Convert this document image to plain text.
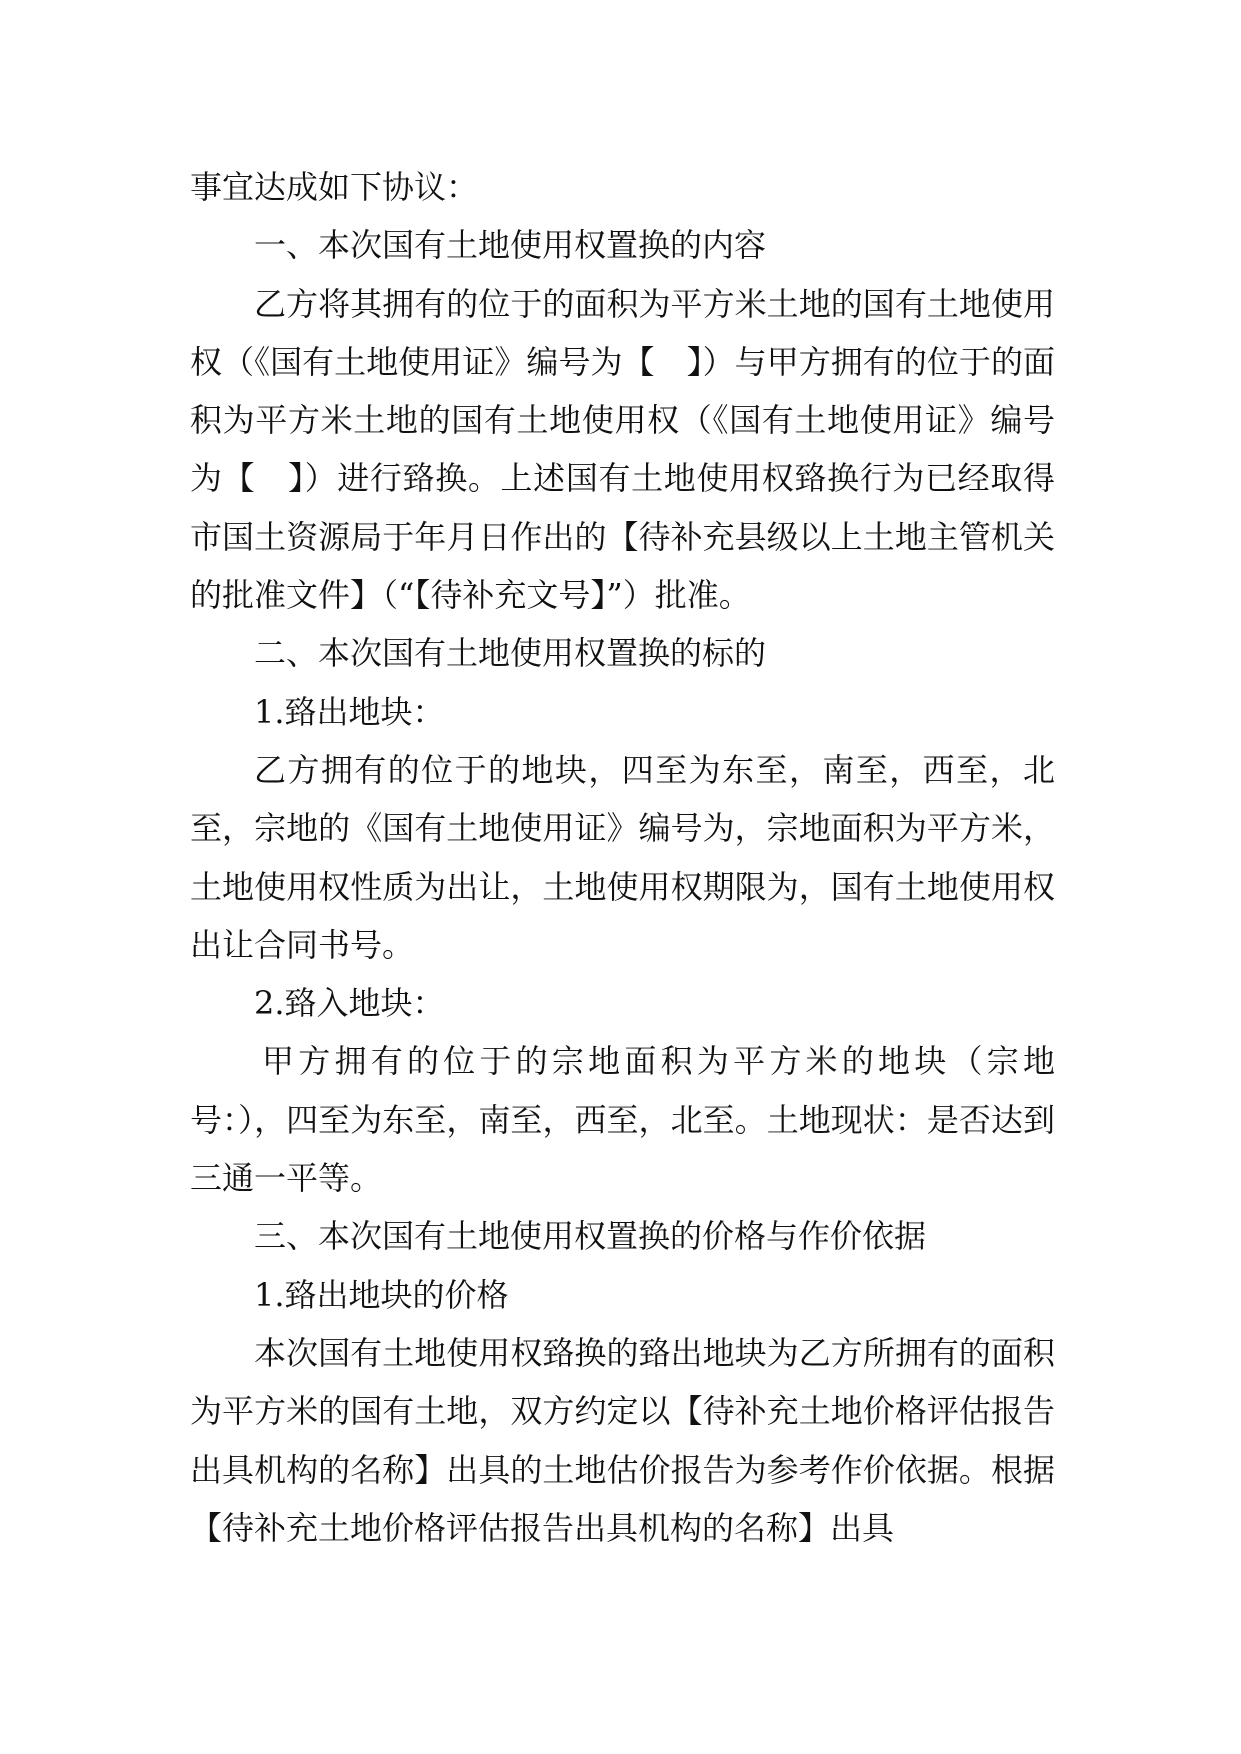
事宜达成如下协议：

一、本次国有土地使用权置换的内容

乙方将其拥有的位于的面积为平方米土地的国有土地使用权（《国有土地使用证》编号为【　】）与甲方拥有的位于的面积为平方米土地的国有土地使用权（《国有土地使用证》编号为【　】）进行臵换。上述国有土地使用权臵换行为已经取得市国土资源局于年月日作出的【待补充县级以上土地主管机关的批准文件】（“【待补充文号】”）批准。

二、本次国有土地使用权置换的标的

1.臵出地块：

乙方拥有的位于的地块，四至为东至，南至，西至，北至，宗地的《国有土地使用证》编号为，宗地面积为平方米，土地使用权性质为出让，土地使用权期限为，国有土地使用权出让合同书号。

2.臵入地块：

甲方拥有的位于的宗地面积为平方米的地块（宗地号：），四至为东至，南至，西至，北至。土地现状：是否达到三通一平等。

三、本次国有土地使用权置换的价格与作价依据

1.臵出地块的价格

本次国有土地使用权臵换的臵出地块为乙方所拥有的面积为平方米的国有土地，双方约定以【待补充土地价格评估报告出具机构的名称】出具的土地估价报告为参考作价依据。根据【待补充土地价格评估报告出具机构的名称】出具
